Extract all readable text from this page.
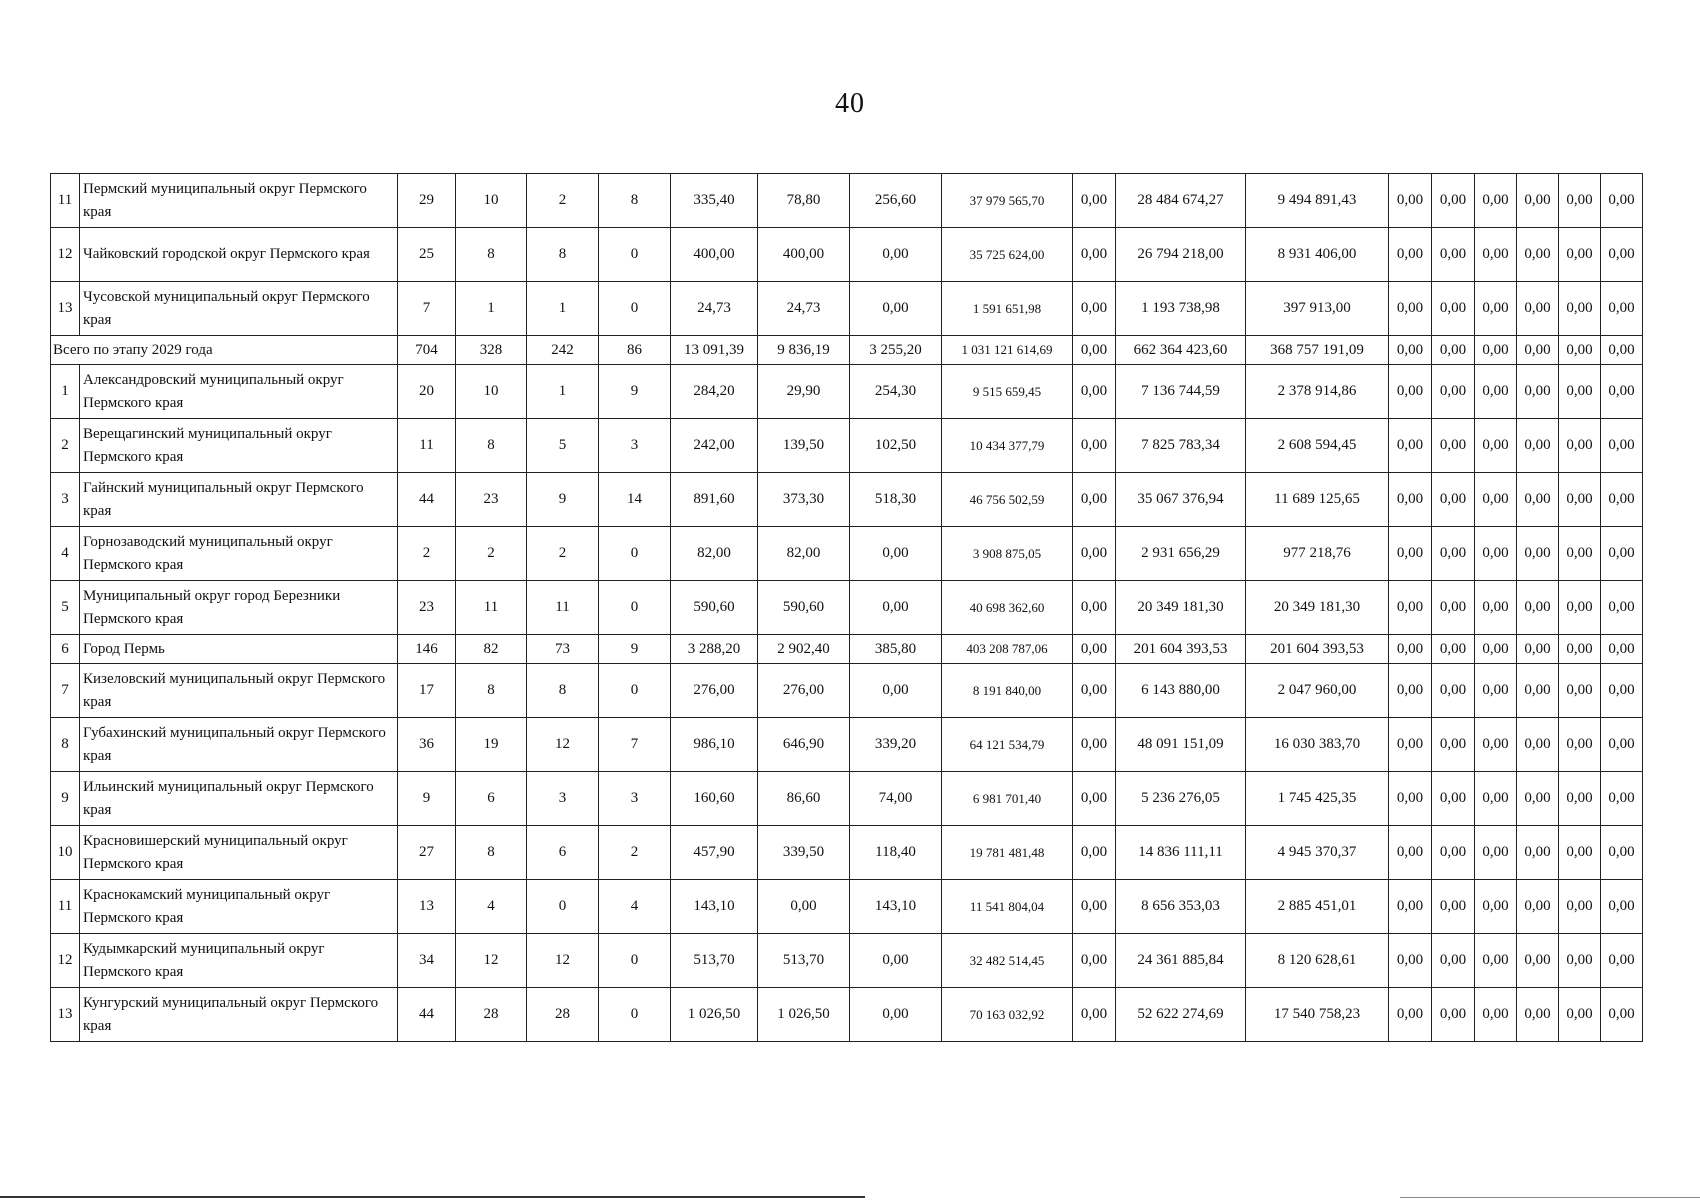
40
11	Пермский муниципальный округ Пермского края	29	10	2	8	335,40	78,80	256,60	37 979 565,70	0,00	28 484 674,27	9 494 891,43	0,00	0,00	0,00	0,00	0,00	0,00
12	Чайковский городской округ Пермского края	25	8	8	0	400,00	400,00	0,00	35 725 624,00	0,00	26 794 218,00	8 931 406,00	0,00	0,00	0,00	0,00	0,00	0,00
13	Чусовской муниципальный округ Пермского края	7	1	1	0	24,73	24,73	0,00	1 591 651,98	0,00	1 193 738,98	397 913,00	0,00	0,00	0,00	0,00	0,00	0,00
Всего по этапу 2029 года		704	328	242	86	13 091,39	9 836,19	3 255,20	1 031 121 614,69	0,00	662 364 423,60	368 757 191,09	0,00	0,00	0,00	0,00	0,00	0,00
1	Александровский муниципальный округ Пермского края	20	10	1	9	284,20	29,90	254,30	9 515 659,45	0,00	7 136 744,59	2 378 914,86	0,00	0,00	0,00	0,00	0,00	0,00
2	Верещагинский муниципальный округ Пермского края	11	8	5	3	242,00	139,50	102,50	10 434 377,79	0,00	7 825 783,34	2 608 594,45	0,00	0,00	0,00	0,00	0,00	0,00
3	Гайнский муниципальный округ Пермского края	44	23	9	14	891,60	373,30	518,30	46 756 502,59	0,00	35 067 376,94	11 689 125,65	0,00	0,00	0,00	0,00	0,00	0,00
4	Горнозаводский муниципальный округ Пермского края	2	2	2	0	82,00	82,00	0,00	3 908 875,05	0,00	2 931 656,29	977 218,76	0,00	0,00	0,00	0,00	0,00	0,00
5	Муниципальный округ город Березники Пермского края	23	11	11	0	590,60	590,60	0,00	40 698 362,60	0,00	20 349 181,30	20 349 181,30	0,00	0,00	0,00	0,00	0,00	0,00
6	Город Пермь	146	82	73	9	3 288,20	2 902,40	385,80	403 208 787,06	0,00	201 604 393,53	201 604 393,53	0,00	0,00	0,00	0,00	0,00	0,00
7	Кизеловский муниципальный округ Пермского края	17	8	8	0	276,00	276,00	0,00	8 191 840,00	0,00	6 143 880,00	2 047 960,00	0,00	0,00	0,00	0,00	0,00	0,00
8	Губахинский муниципальный округ Пермского края	36	19	12	7	986,10	646,90	339,20	64 121 534,79	0,00	48 091 151,09	16 030 383,70	0,00	0,00	0,00	0,00	0,00	0,00
9	Ильинский муниципальный округ Пермского края	9	6	3	3	160,60	86,60	74,00	6 981 701,40	0,00	5 236 276,05	1 745 425,35	0,00	0,00	0,00	0,00	0,00	0,00
10	Красновишерский муниципальный округ Пермского края	27	8	6	2	457,90	339,50	118,40	19 781 481,48	0,00	14 836 111,11	4 945 370,37	0,00	0,00	0,00	0,00	0,00	0,00
11	Краснокамский муниципальный округ Пермского края	13	4	0	4	143,10	0,00	143,10	11 541 804,04	0,00	8 656 353,03	2 885 451,01	0,00	0,00	0,00	0,00	0,00	0,00
12	Кудымкарский муниципальный округ Пермского края	34	12	12	0	513,70	513,70	0,00	32 482 514,45	0,00	24 361 885,84	8 120 628,61	0,00	0,00	0,00	0,00	0,00	0,00
13	Кунгурский муниципальный округ Пермского края	44	28	28	0	1 026,50	1 026,50	0,00	70 163 032,92	0,00	52 622 274,69	17 540 758,23	0,00	0,00	0,00	0,00	0,00	0,00
